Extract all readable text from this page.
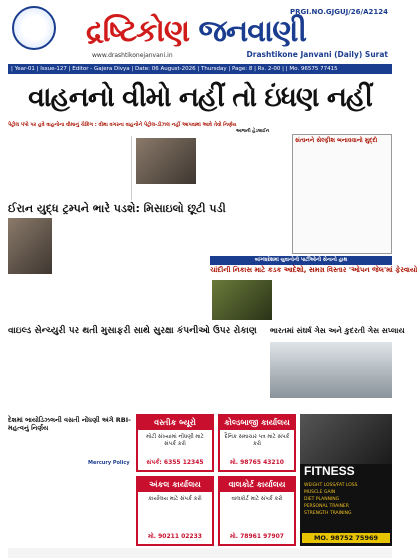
PRGI.NO.GJGUJ/26/A2124
દ્રષ્ટિકોણ જનવાણી
www.drashtikonejanvani.in	Drashtikone Janvani (Daily) Surat
| Year-01 | Issue-127 | Editor - Gajera Divya | Date: 06 August-2026 | Thursday | Page: 8 | Rs. 2-00 | | Mo. 96575 77415
વાહનનો વીમો નહીં તો ઇંધણ નહીં
પેટ્રોલ પંપો પર હવે વાહનોના વીમાનું ચેકિંગ : વીમા વગરના વાહનોને પેટ્રોલ-ડીઝલ નહીં આપવામાં આવે તેવો નિર્ણય
સંતાનને સેલ્ફીશ બનાવવાનો મુદ્દો
આજની હેડલાઈન
ઈરાન યુદ્ધ ટ્રમ્પને ભારે પડશે: મિસાઇલો છૂટી પડી
બાંગ્લાદેશમાં યુવાનોની પાર્ટીઓની સેનાનો હાથ
ચાંદીની નિકાસ માટે કડક આદેશો, સમગ્ર વિસ્તાર 'ઓપન જેલ'માં ફેરવાયો
વાઇલ્ડ સેન્ચ્યુરી પર થતી મુસાફરી સાથે સુરક્ષા કંપનીઓ ઉપર રોકાણ	ભારતમાં સંઘર્ષ ગેસ અને કુદરતી ગેસ સપ્લાય
દેશમાં બાયોડિઝલની વસતી નોંધણી અંગે RBI-મહત્વનું નિર્ણય
Mercury Policy
વસ્તીક બ્યૂરો
મોટી સંખ્યામાં નોંધણી માટે સંપર્ક કરો
સંપર્ક: 6355 12345
કોલ્ડબાજી કાર્યાલય
દૈનિક સમાચાર પત્ર માટે સંપર્ક કરો
મો. 98765 43210
અંકલ કાર્યાલય
કાર્યાલય માટે સંપર્ક કરો
મો. 90211 02233
વાલકોર્ટ કાર્યાલય
વાલકોર્ટ માટે સંપર્ક કરો
મો. 78961 97907
FITNESS
WEIGHT LOSS/FAT LOSS
MUSCLE GAIN
DIET PLANNING
PERSONAL TRAINER
STRENGTH TRAINING
MO. 98752 75969
